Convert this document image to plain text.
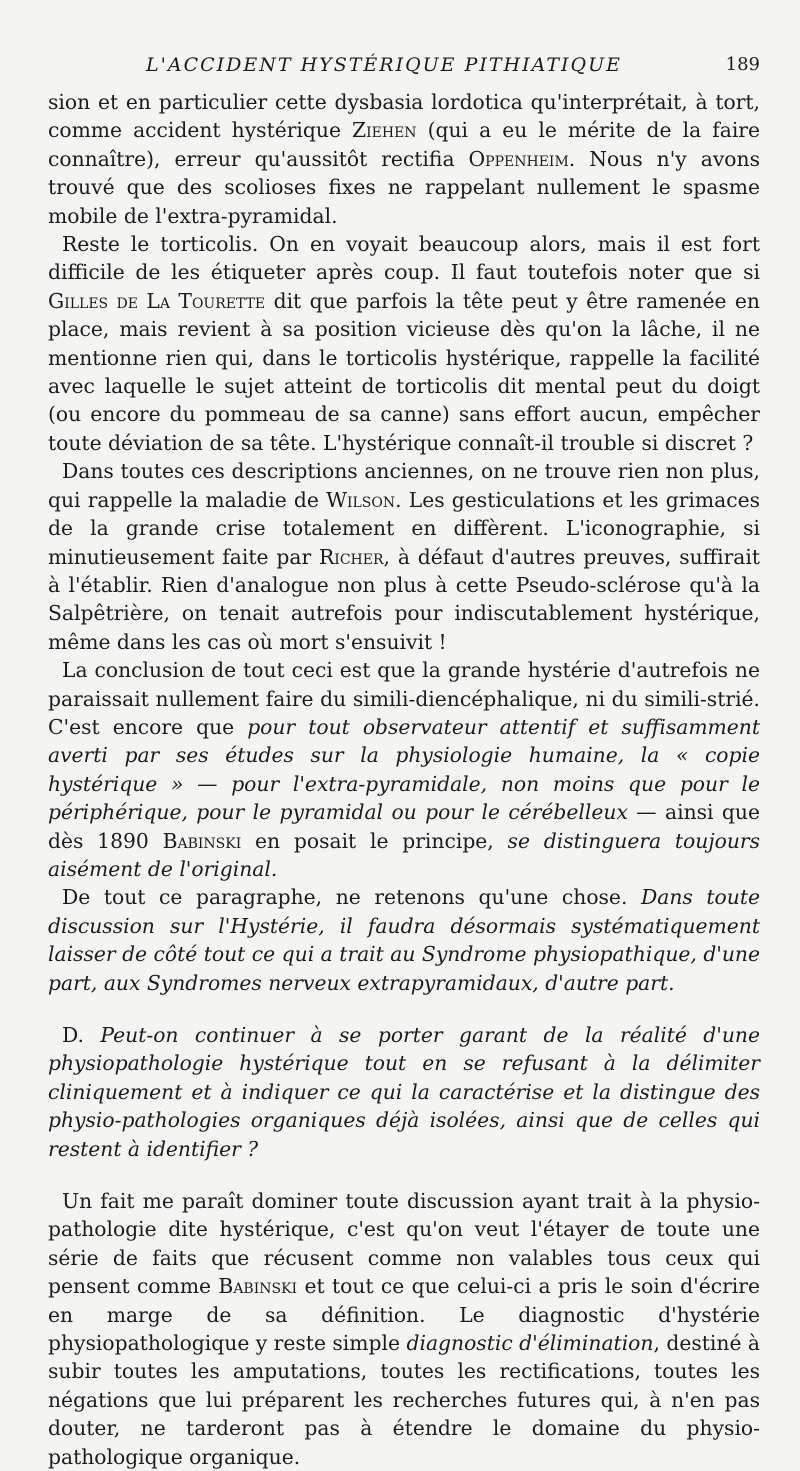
L'ACCIDENT HYSTÉRIQUE PITHIATIQUE	189

sion et en particulier cette dysbasia lordotica qu'interprétait, à tort, comme accident hystérique Ziehen (qui a eu le mérite de la faire connaître), erreur qu'aussitôt rectifia Oppenheim. Nous n'y avons trouvé que des scolioses fixes ne rappelant nullement le spasme mobile de l'extra-pyramidal.

Reste le torticolis. On en voyait beaucoup alors, mais il est fort difficile de les étiqueter après coup. Il faut toutefois noter que si Gilles de La Tourette dit que parfois la tête peut y être ramenée en place, mais revient à sa position vicieuse dès qu'on la lâche, il ne mentionne rien qui, dans le torticolis hystérique, rappelle la facilité avec laquelle le sujet atteint de torticolis dit mental peut du doigt (ou encore du pommeau de sa canne) sans effort aucun, empêcher toute déviation de sa tête. L'hystérique connaît-il trouble si discret ?

Dans toutes ces descriptions anciennes, on ne trouve rien non plus, qui rappelle la maladie de Wilson. Les gesticulations et les grimaces de la grande crise totalement en diffèrent. L'iconographie, si minutieusement faite par Richer, à défaut d'autres preuves, suffirait à l'établir. Rien d'analogue non plus à cette Pseudo-sclérose qu'à la Salpêtrière, on tenait autrefois pour indiscutablement hystérique, même dans les cas où mort s'ensuivit !

La conclusion de tout ceci est que la grande hystérie d'autrefois ne paraissait nullement faire du simili-diencéphalique, ni du simili-strié. C'est encore que pour tout observateur attentif et suffisamment averti par ses études sur la physiologie humaine, la « copie hystérique » — pour l'extra-pyramidale, non moins que pour le périphérique, pour le pyramidal ou pour le cérébelleux — ainsi que dès 1890 Babinski en posait le principe, se distinguera toujours aisément de l'original.

De tout ce paragraphe, ne retenons qu'une chose. Dans toute discussion sur l'Hystérie, il faudra désormais systématiquement laisser de côté tout ce qui a trait au Syndrome physiopathique, d'une part, aux Syndromes nerveux extrapyramidaux, d'autre part.

D. Peut-on continuer à se porter garant de la réalité d'une physiopathologie hystérique tout en se refusant à la délimiter cliniquement et à indiquer ce qui la caractérise et la distingue des physio-pathologies organiques déjà isolées, ainsi que de celles qui restent à identifier ?

Un fait me paraît dominer toute discussion ayant trait à la physio-pathologie dite hystérique, c'est qu'on veut l'étayer de toute une série de faits que récusent comme non valables tous ceux qui pensent comme Babinski et tout ce que celui-ci a pris le soin d'écrire en marge de sa définition. Le diagnostic d'hystérie physiopathologique y reste simple diagnostic d'élimination, destiné à subir toutes les amputations, toutes les rectifications, toutes les négations que lui préparent les recherches futures qui, à n'en pas douter, ne tarderont pas à étendre le domaine du physio-pathologique organique.
